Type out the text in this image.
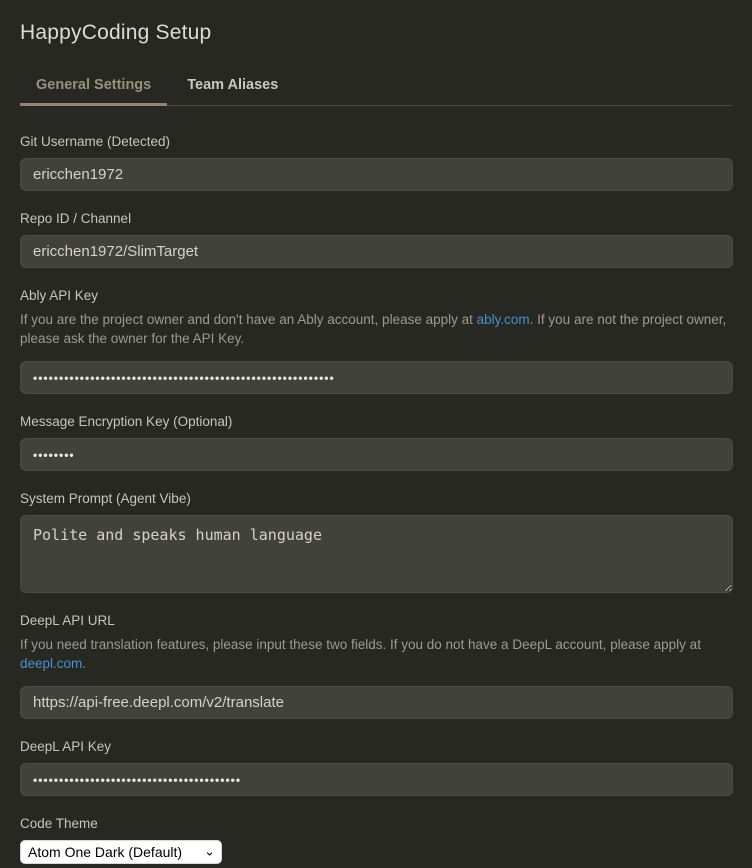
HappyCoding Setup
General Settings	Team Aliases
Git Username (Detected)
ericchen1972
Repo ID / Channel
ericchen1972/SlimTarget
Ably API Key

If you are the project owner and don't have an Ably account, please apply at ably.com. If you are not the project owner, please ask the owner for the API Key.

••••••••••••••••••••••••••••••••••••••••••••••••••••••••••
Message Encryption Key (Optional)
••••••••
System Prompt (Agent Vibe)
Polite and speaks human language
DeepL API URL

If you need translation features, please input these two fields. If you do not have a DeepL account, please apply at deepl.com.

https://api-free.deepl.com/v2/translate
DeepL API Key
••••••••••••••••••••••••••••••••••••••••
Code Theme
Atom One Dark (Default)
⌄
